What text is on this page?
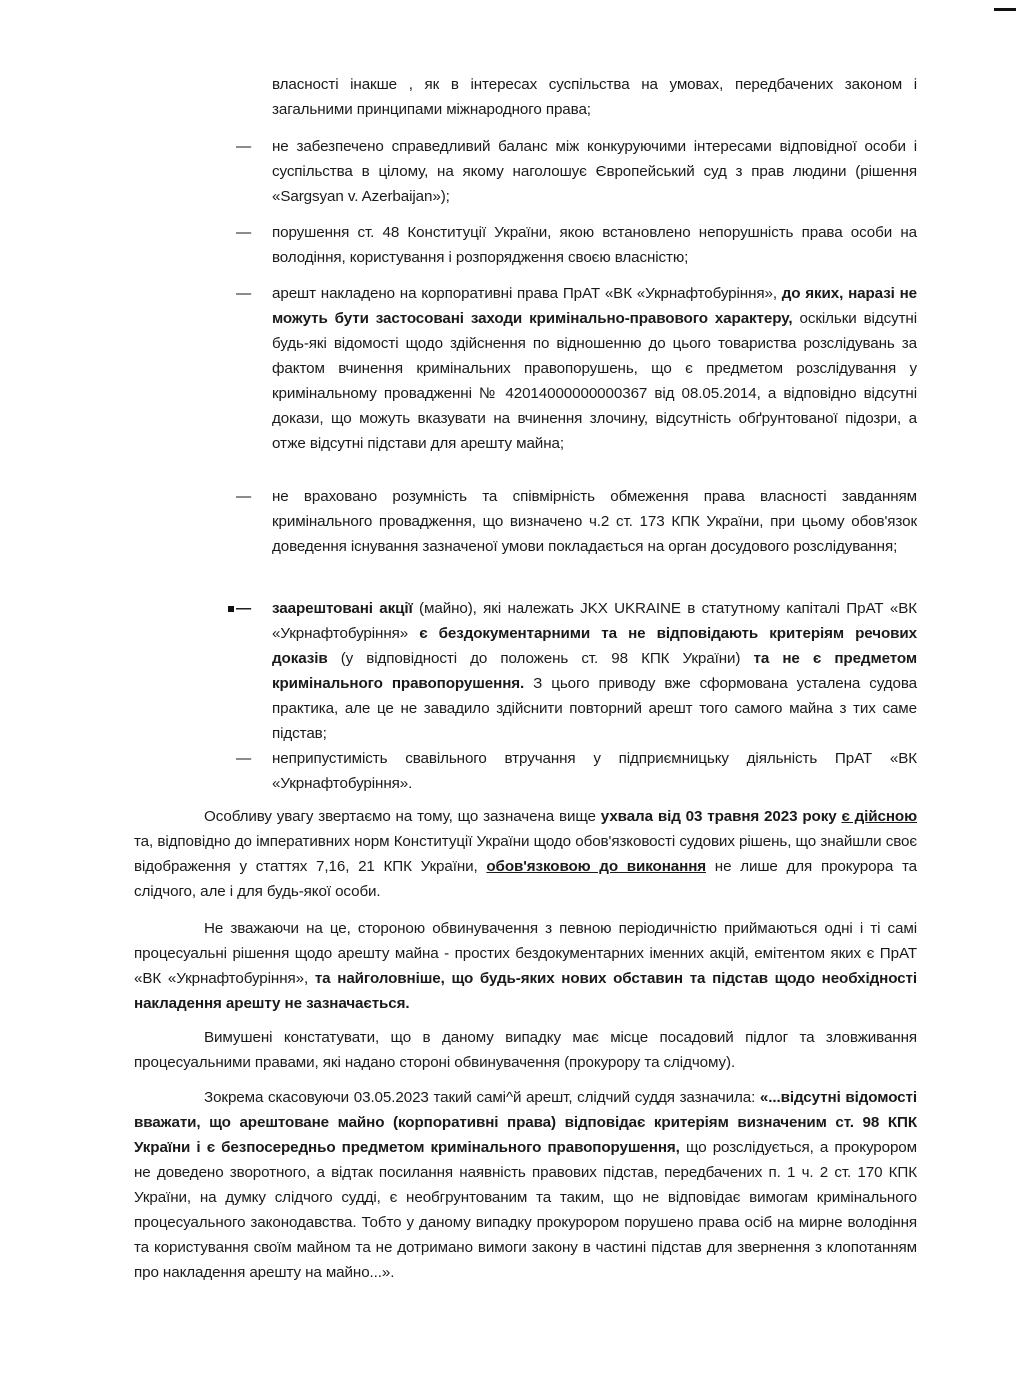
власності інакше , як в інтересах суспільства на умовах, передбачених законом і загальними принципами міжнародного права;
—	не забезпечено справедливий баланс між конкуруючими інтересами відповідної особи і суспільства в цілому, на якому наголошує Європейський суд з прав людини (рішення «Sargsyan v. Azerbaijan»);
—	порушення ст. 48 Конституції України, якою встановлено непорушність права особи на володіння, користування і розпорядження своєю власністю;
—	арешт накладено на корпоративні права ПрАТ «ВК «Укрнафтобуріння», до яких, наразі не можуть бути застосовані заходи кримінально-правового характеру, оскільки відсутні будь-які відомості щодо здійснення по відношенню до цього товариства розслідувань за фактом вчинення кримінальних правопорушень, що є предметом розслідування у кримінальному провадженні № 42014000000000367 від 08.05.2014, а відповідно відсутні докази, що можуть вказувати на вчинення злочину, відсутність обґрунтованої підозри, а отже відсутні підстави для арешту майна;
—	не враховано розумність та співмірність обмеження права власності завданням кримінального провадження, що визначено ч.2 ст. 173 КПК України, при цьому обов'язок доведення існування зазначеної умови покладається на орган досудового розслідування;
—	заарештовані акції (майно), які належать JKX UKRAINE в статутному капіталі ПрАТ «ВК «Укрнафтобуріння» є бездокументарними та не відповідають критеріям речових доказів (у відповідності до положень ст. 98 КПК України) та не є предметом кримінального правопорушення. З цього приводу вже сформована усталена судова практика, але це не завадило здійснити повторний арешт того самого майна з тих саме підстав;
—	неприпустимість свавільного втручання у підприємницьку діяльність ПрАТ «ВК «Укрнафтобуріння».
Особливу увагу звертаємо на тому, що зазначена вище ухвала від 03 травня 2023 року є дійсною та, відповідно до імперативних норм Конституції України щодо обов'язковості судових рішень, що знайшли своє відображення у статтях 7,16, 21 КПК України, обов'язковою до виконання не лише для прокурора та слідчого, але і для будь-якої особи.
Не зважаючи на це, стороною обвинувачення з певною періодичністю приймаються одні і ті самі процесуальні рішення щодо арешту майна - простих бездокументарних іменних акцій, емітентом яких є ПрАТ «ВК «Укрнафтобуріння», та найголовніше, що будь-яких нових обставин та підстав щодо необхідності накладення арешту не зазначається.
Вимушені констатувати, що в даному випадку має місце посадовий підлог та зловживання процесуальними правами, які надано стороні обвинувачення (прокурору та слідчому).
Зокрема скасовуючи 03.05.2023 такий самі^й арешт, слідчий суддя зазначила: «...відсутні відомості вважати, що арештоване майно (корпоративні права) відповідає критеріям визначеним ст. 98 КПК України і є безпосередньо предметом кримінального правопорушення, що розслідується, а прокурором не доведено зворотного, а відтак посилання наявність правових підстав, передбачених п. 1 ч. 2 ст. 170 КПК України, на думку слідчого судді, є необгрунтованим та таким, що не відповідає вимогам кримінального процесуального законодавства. Тобто у даному випадку прокурором порушено права осіб на мирне володіння та користування своїм майном та не дотримано вимоги закону в частині підстав для звернення з клопотанням про накладення арешту на майно...».
